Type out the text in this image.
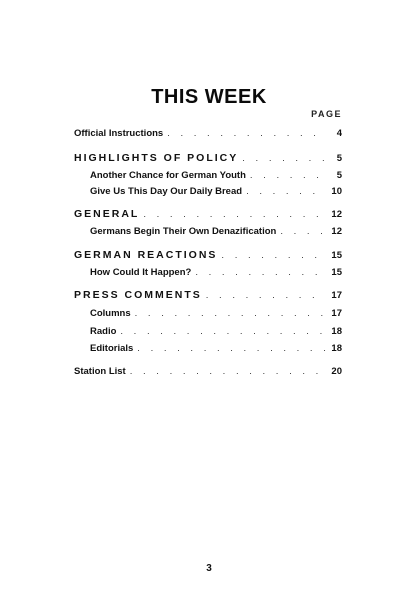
THIS WEEK
PAGE
Official Instructions . . .	4
HIGHLIGHTS OF POLICY . . .	5
Another Chance for German Youth . . .	5
Give Us This Day Our Daily Bread . . .	10
GENERAL . . .	12
Germans Begin Their Own Denazification . . .	12
GERMAN REACTIONS . . .	15
How Could It Happen? . . .	15
PRESS COMMENTS . . .	17
Columns . . .	17
Radio . . .	18
Editorials . . .	18
Station List . . .	20
3
